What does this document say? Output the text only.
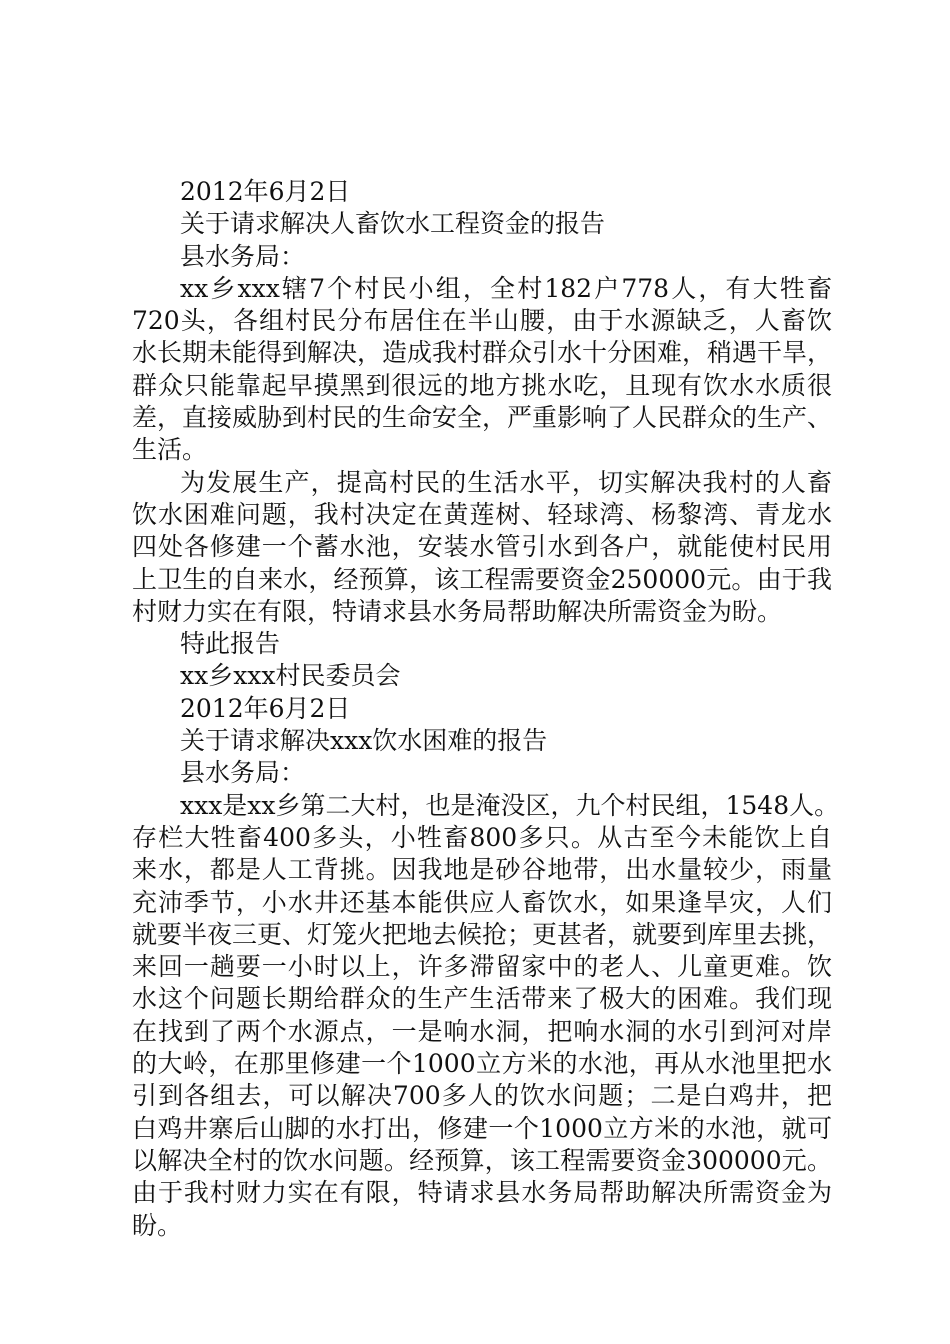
2012年6月2日
关于请求解决人畜饮水工程资金的报告
县水务局：
xx乡xxx辖7个村民小组，全村182户778人，有大牲畜
720头，各组村民分布居住在半山腰，由于水源缺乏，人畜饮
水长期未能得到解决，造成我村群众引水十分困难，稍遇干旱，
群众只能靠起早摸黑到很远的地方挑水吃，且现有饮水水质很
差，直接威胁到村民的生命安全，严重影响了人民群众的生产、
生活。
为发展生产，提高村民的生活水平，切实解决我村的人畜
饮水困难问题，我村决定在黄莲树、轻球湾、杨黎湾、青龙水
四处各修建一个蓄水池，安装水管引水到各户，就能使村民用
上卫生的自来水，经预算，该工程需要资金250000元。由于我
村财力实在有限，特请求县水务局帮助解决所需资金为盼。
特此报告
xx乡xxx村民委员会
2012年6月2日
关于请求解决xxx饮水困难的报告
县水务局：
xxx是xx乡第二大村，也是淹没区，九个村民组，1548人。
存栏大牲畜400多头，小牲畜800多只。从古至今未能饮上自
来水，都是人工背挑。因我地是砂谷地带，出水量较少，雨量
充沛季节，小水井还基本能供应人畜饮水，如果逢旱灾，人们
就要半夜三更、灯笼火把地去候抢；更甚者，就要到库里去挑，
来回一趟要一小时以上，许多滞留家中的老人、儿童更难。饮
水这个问题长期给群众的生产生活带来了极大的困难。我们现
在找到了两个水源点，一是响水洞，把响水洞的水引到河对岸
的大岭，在那里修建一个1000立方米的水池，再从水池里把水
引到各组去，可以解决700多人的饮水问题；二是白鸡井，把
白鸡井寨后山脚的水打出，修建一个1000立方米的水池，就可
以解决全村的饮水问题。经预算，该工程需要资金300000元。
由于我村财力实在有限，特请求县水务局帮助解决所需资金为
盼。
